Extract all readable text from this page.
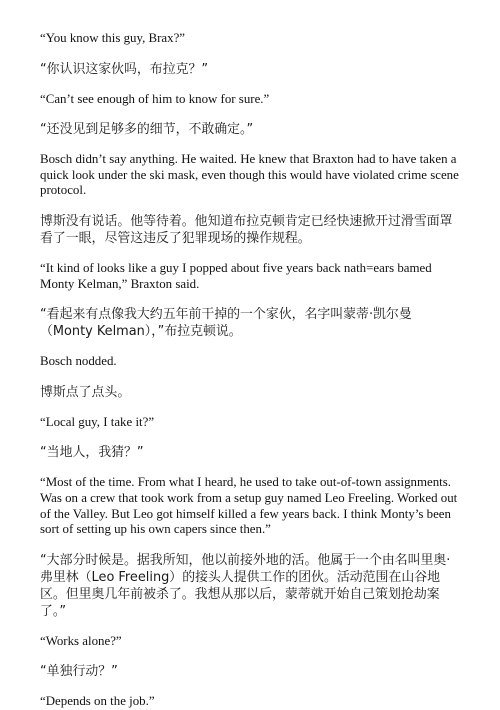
“You know this guy, Brax?”

“你认识这家伙吗，布拉克？”

“Can’t see enough of him to know for sure.”

“还没见到足够多的细节，不敢确定。”

Bosch didn’t say anything. He waited. He knew that Braxton had to have taken a quick look under the ski mask, even though this would have violated crime scene protocol.

博斯没有说话。他等待着。他知道布拉克顿肯定已经快速掀开过滑雪面罩看了一眼，尽管这违反了犯罪现场的操作规程。

“It kind of looks like a guy I popped about five years back nath=ears bamed Monty Kelman,” Braxton said.

“看起来有点像我大约五年前干掉的一个家伙，名字叫蒙蒂·凯尔曼（Monty Kelman），”布拉克顿说。

Bosch nodded.

博斯点了点头。

“Local guy, I take it?”

“当地人，我猜？”

“Most of the time. From what I heard, he used to take out-of-town assignments. Was on a crew that took work from a setup guy named Leo Freeling. Worked out of the Valley. But Leo got himself killed a few years back. I think Monty’s been sort of setting up his own capers since then.”

“大部分时候是。据我所知，他以前接外地的活。他属于一个由名叫里奥·弗里林（Leo Freeling）的接头人提供工作的团伙。活动范围在山谷地区。但里奥几年前被杀了。我想从那以后，蒙蒂就开始自己策划抢劫案了。”

“Works alone?”

“单独行动？”

“Depends on the job.”
